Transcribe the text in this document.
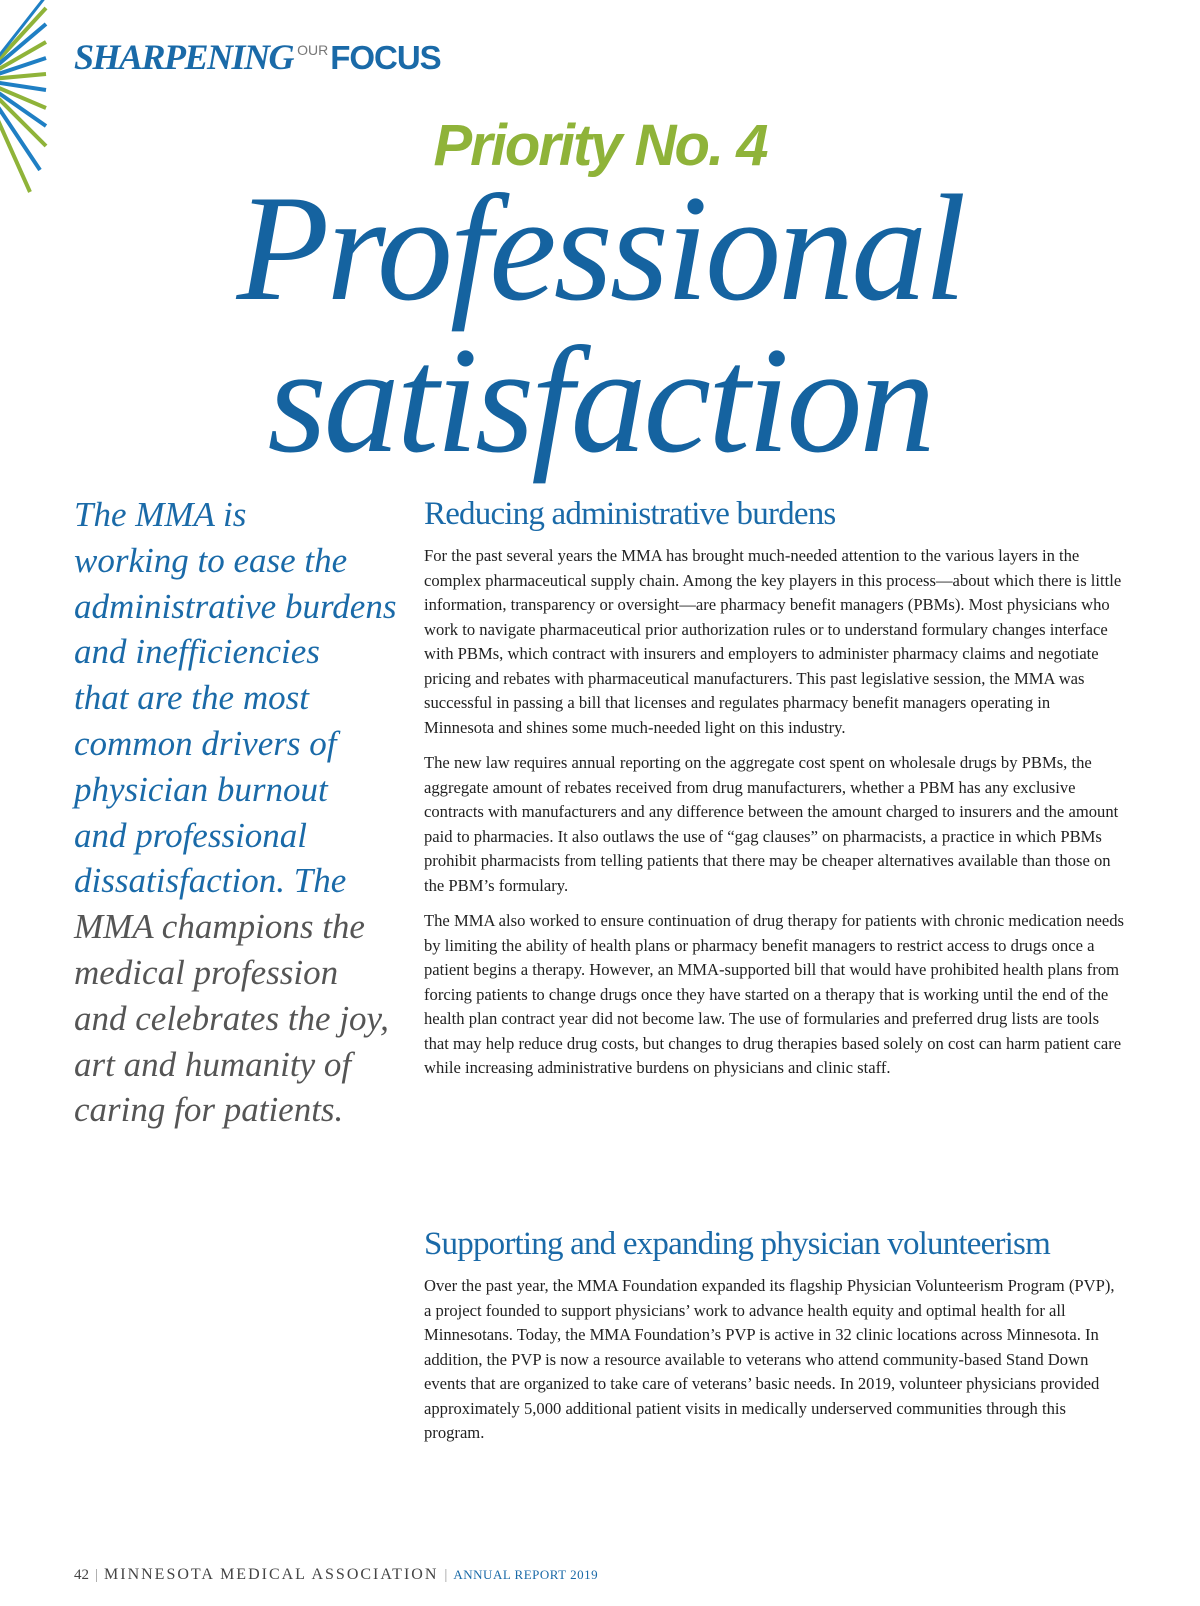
SHARPENING OURFOCUS
Priority No. 4
Professional
satisfaction
The MMA is
working to ease the
administrative burdens
and inefficiencies
that are the most
common drivers of
physician burnout
and professional
dissatisfaction. The
MMA champions the
medical profession
and celebrates the joy,
art and humanity of
caring for patients.
Reducing administrative burdens

For the past several years the MMA has brought much-needed attention to the various layers in the complex pharmaceutical supply chain. Among the key players in this process—about which there is little information, transparency or oversight—are pharmacy benefit managers (PBMs). Most physicians who work to navigate pharmaceutical prior authorization rules or to understand formulary changes interface with PBMs, which contract with insurers and employers to administer pharmacy claims and negotiate pricing and rebates with pharmaceutical manufacturers. This past legislative session, the MMA was successful in passing a bill that licenses and regulates pharmacy benefit managers operating in Minnesota and shines some much-needed light on this industry.

The new law requires annual reporting on the aggregate cost spent on wholesale drugs by PBMs, the aggregate amount of rebates received from drug manufacturers, whether a PBM has any exclusive contracts with manufacturers and any difference between the amount charged to insurers and the amount paid to pharmacies. It also outlaws the use of “gag clauses” on pharmacists, a practice in which PBMs prohibit pharmacists from telling patients that there may be cheaper alternatives available than those on the PBM’s formulary.

The MMA also worked to ensure continuation of drug therapy for patients with chronic medication needs by limiting the ability of health plans or pharmacy benefit managers to restrict access to drugs once a patient begins a therapy. However, an MMA-supported bill that would have prohibited health plans from forcing patients to change drugs once they have started on a therapy that is working until the end of the health plan contract year did not become law. The use of formularies and preferred drug lists are tools that may help reduce drug costs, but changes to drug therapies based solely on cost can harm patient care while increasing administrative burdens on physicians and clinic staff.

Supporting and expanding physician volunteerism

Over the past year, the MMA Foundation expanded its flagship Physician Volunteerism Program (PVP), a project founded to support physicians’ work to advance health equity and optimal health for all Minnesotans. Today, the MMA Foundation’s PVP is active in 32 clinic locations across Minnesota. In addition, the PVP is now a resource available to veterans who attend community-based Stand Down events that are organized to take care of veterans’ basic needs. In 2019, volunteer physicians provided approximately 5,000 additional patient visits in medically underserved communities through this program.

42 | MINNESOTA MEDICAL ASSOCIATION | ANNUAL REPORT 2019
